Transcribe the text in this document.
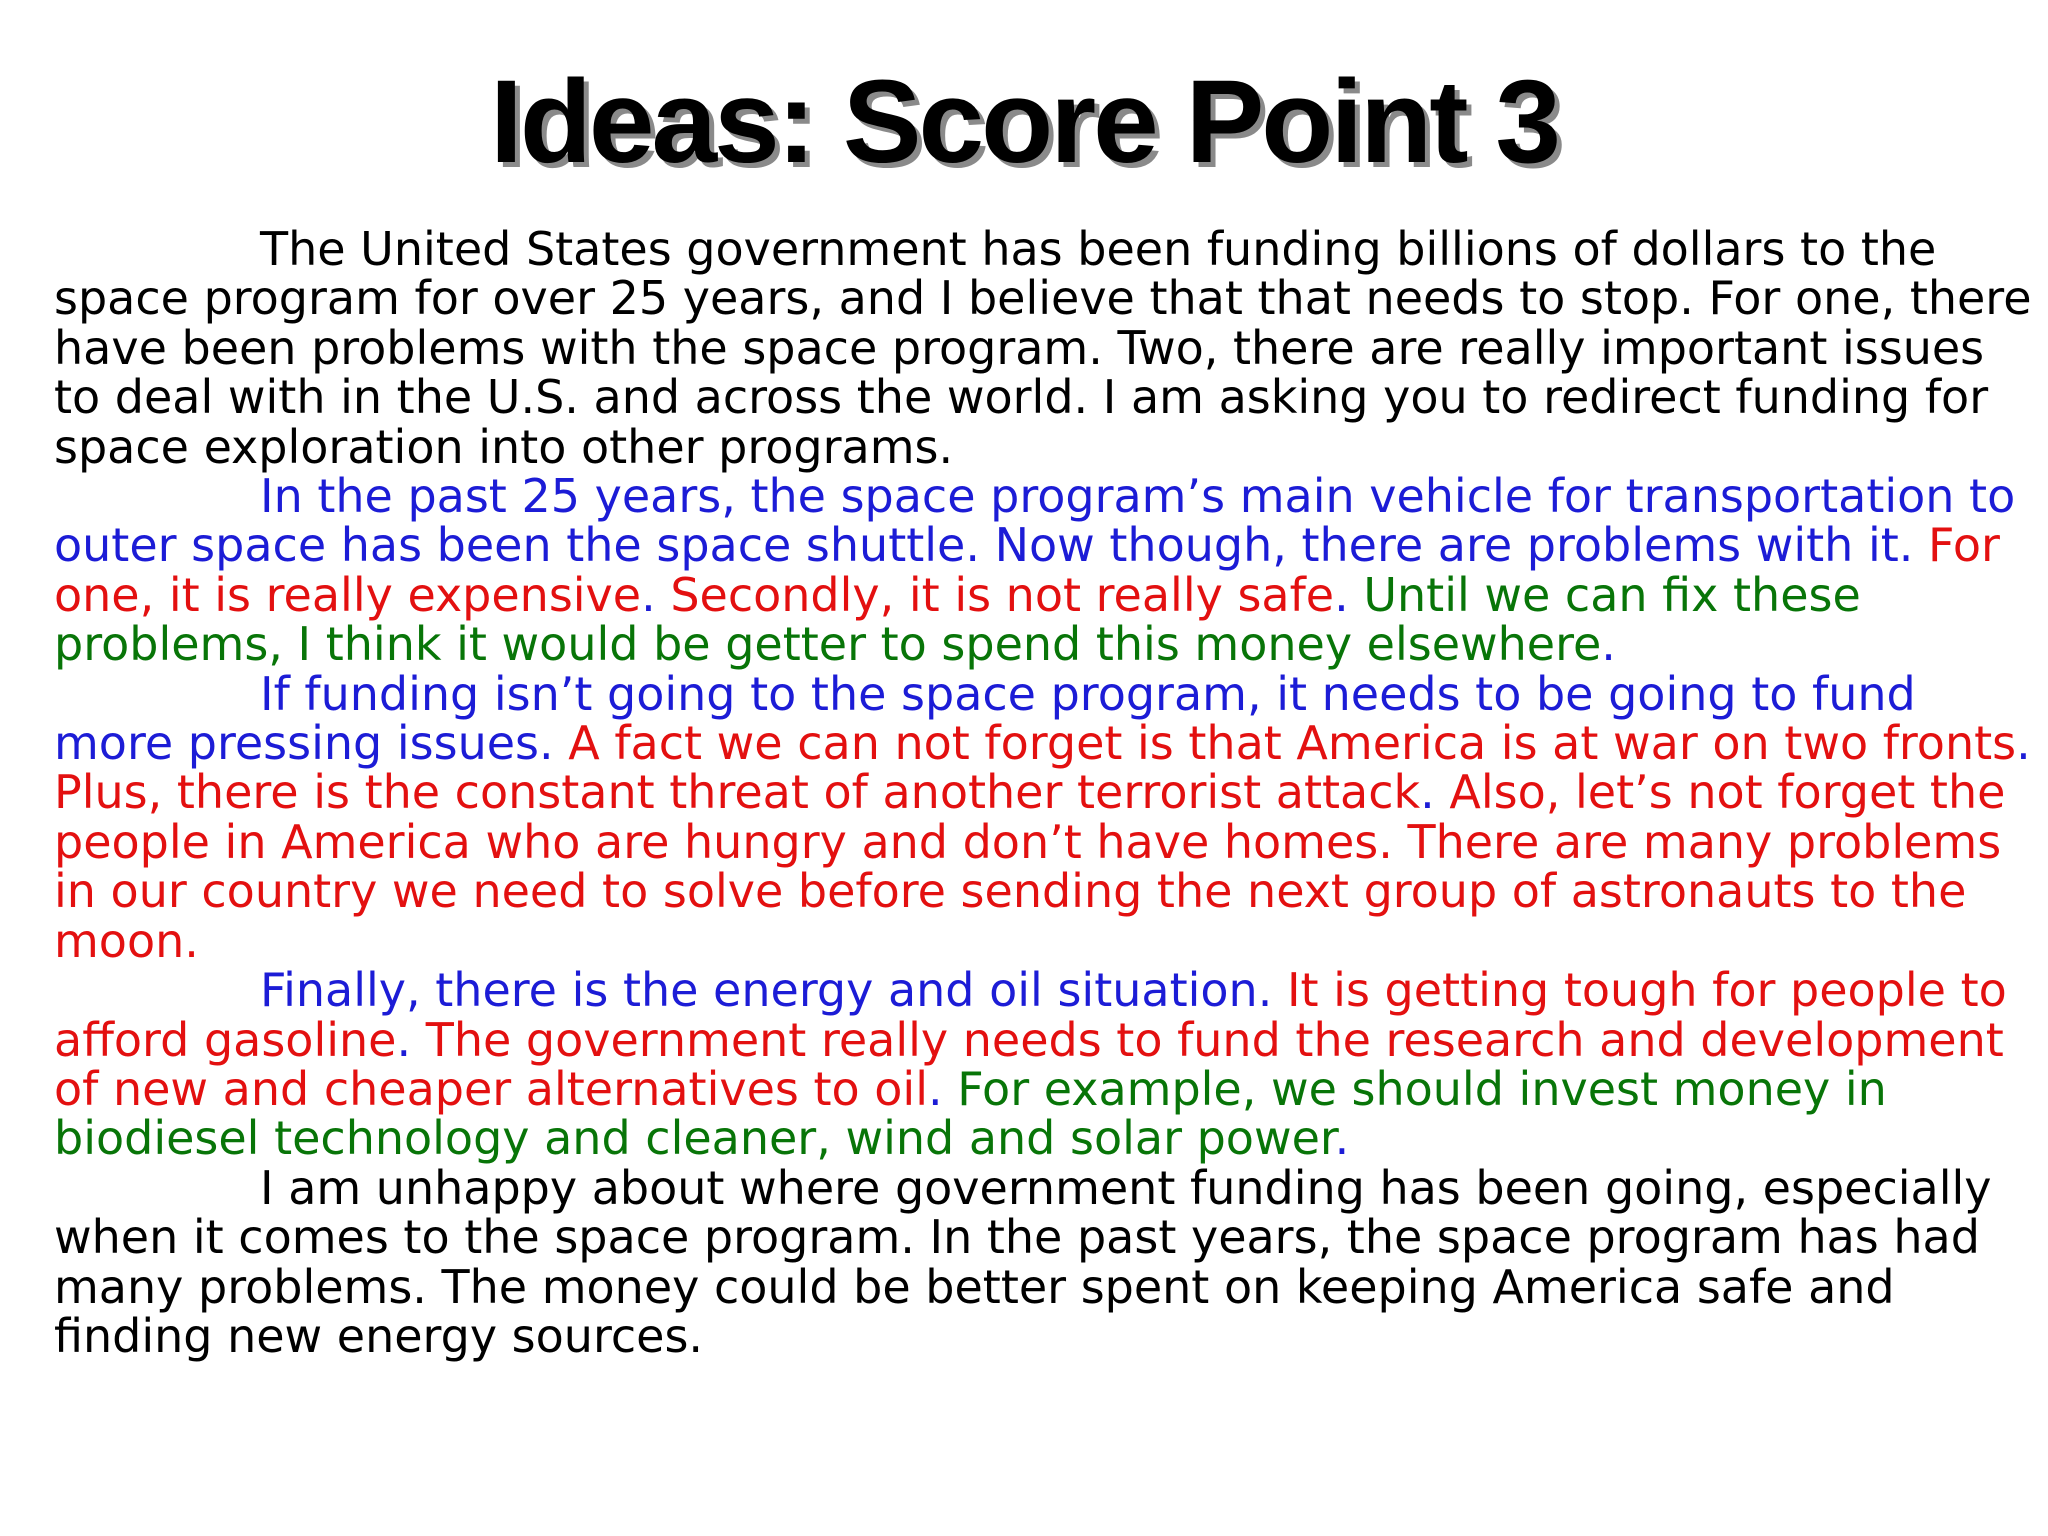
Ideas: Score Point 3

The United States government has been funding billions of dollars to the space program for over 25 years, and I believe that that needs to stop. For one, there have been problems with the space program. Two, there are really important issues to deal with in the U.S. and across the world. I am asking you to redirect funding for space exploration into other programs.

In the past 25 years, the space program’s main vehicle for transportation to outer space has been the space shuttle. Now though, there are problems with it. For one, it is really expensive. Secondly, it is not really safe. Until we can fix these problems, I think it would be getter to spend this money elsewhere.

If funding isn’t going to the space program, it needs to be going to fund more pressing issues. A fact we can not forget is that America is at war on two fronts. Plus, there is the constant threat of another terrorist attack. Also, let’s not forget the people in America who are hungry and don’t have homes. There are many problems in our country we need to solve before sending the next group of astronauts to the moon.

Finally, there is the energy and oil situation. It is getting tough for people to afford gasoline. The government really needs to fund the research and development of new and cheaper alternatives to oil. For example, we should invest money in biodiesel technology and cleaner, wind and solar power.

I am unhappy about where government funding has been going, especially when it comes to the space program. In the past years, the space program has had many problems. The money could be better spent on keeping America safe and finding new energy sources.
